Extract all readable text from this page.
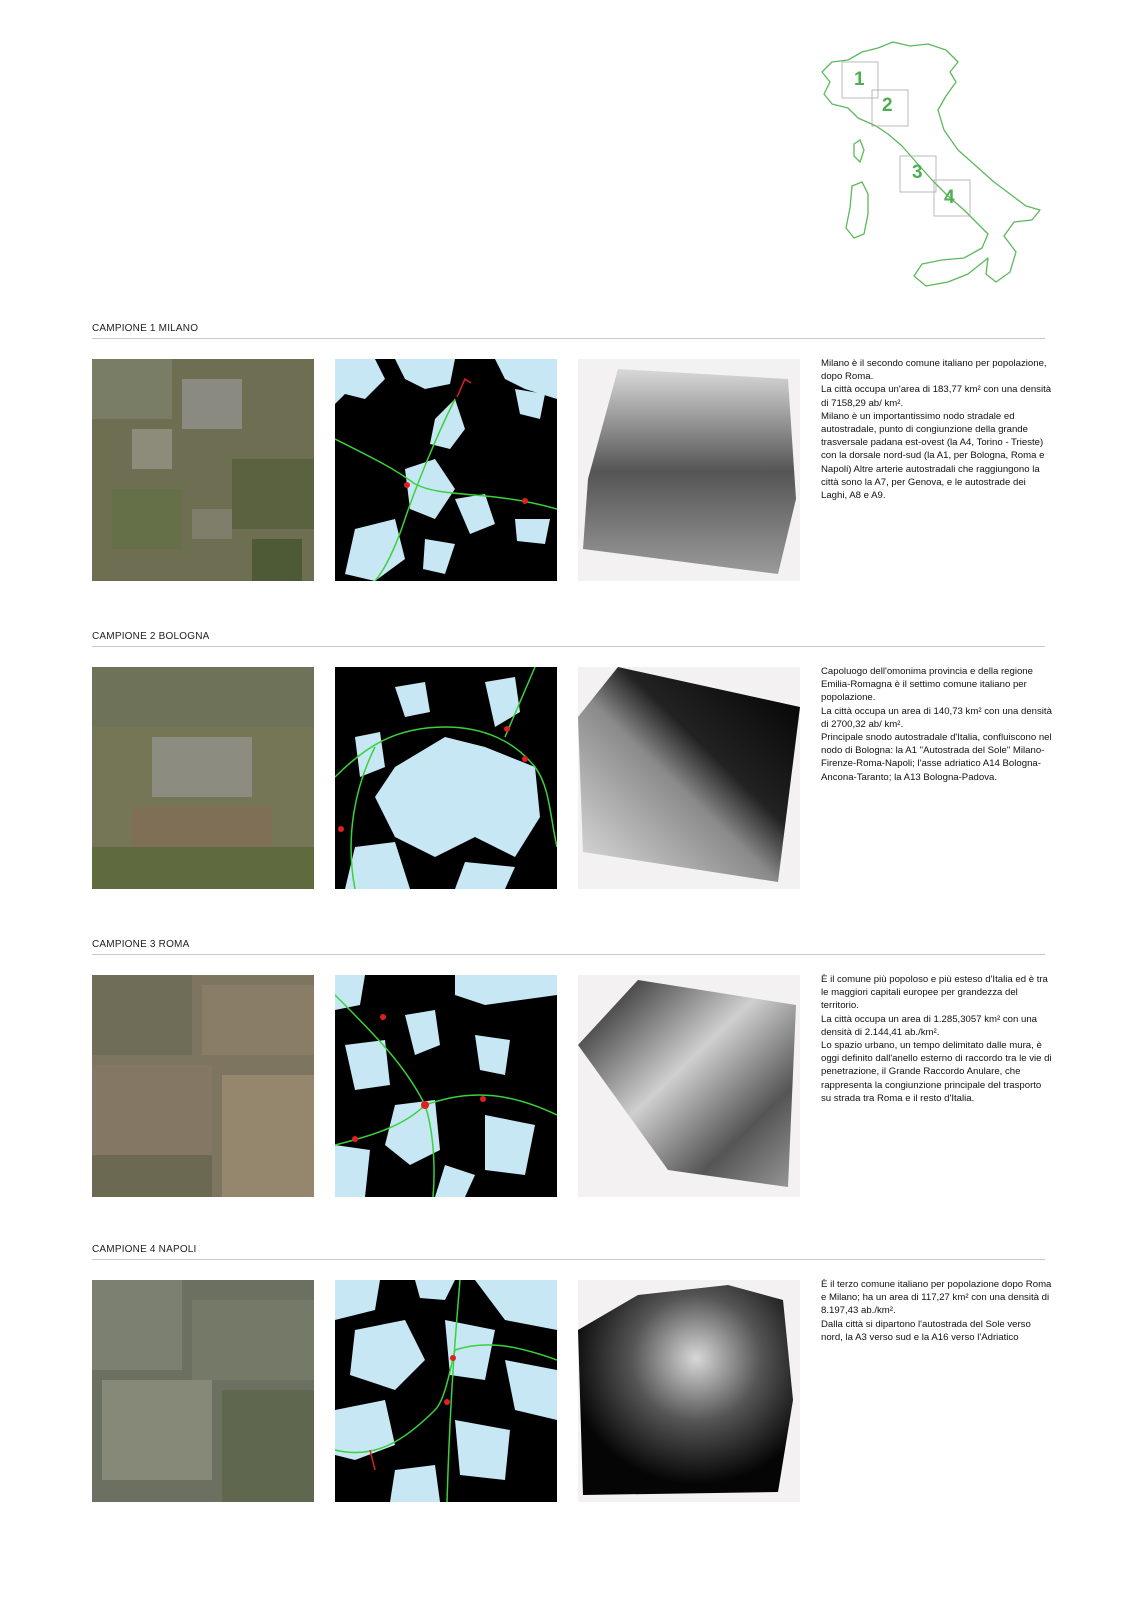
1
2
3
4
CAMPIONE 1 MILANO

Milano è il secondo comune italiano per popolazione, dopo Roma.

La città occupa un'area di 183,77 km² con una densità di 7158,29 ab/ km².

Milano è un importantissimo nodo stradale ed autostradale, punto di congiunzione della grande trasversale padana est-ovest (la A4, Torino - Trieste) con la dorsale nord-sud (la A1, per Bologna, Roma e Napoli) Altre arterie autostradali che raggiungono la città sono la A7, per Genova, e le autostrade dei Laghi, A8 e A9.

CAMPIONE 2 BOLOGNA

Capoluogo dell'omonima provincia e della regione Emilia-Romagna è il settimo comune italiano per popolazione.

La città occupa un area di 140,73 km² con una densità di 2700,32 ab/ km².

Principale snodo autostradale d'Italia, confluiscono nel nodo di Bologna: la A1 "Autostrada del Sole" Milano-Firenze-Roma-Napoli; l'asse adriatico A14 Bologna-Ancona-Taranto; la A13 Bologna-Padova.

CAMPIONE 3 ROMA

È il comune più popoloso e più esteso d'Italia ed è tra le maggiori capitali europee per grandezza del territorio.

La città occupa un area di 1.285,3057 km² con una densità di 2.144,41 ab./km².

Lo spazio urbano, un tempo delimitato dalle mura, è oggi definito dall'anello esterno di raccordo tra le vie di penetrazione, il Grande Raccordo Anulare, che rappresenta la congiunzione principale del trasporto su strada tra Roma e il resto d'Italia.

CAMPIONE 4 NAPOLI

È il terzo comune italiano per popolazione dopo Roma e Milano; ha un area di 117,27 km² con una densità di 8.197,43 ab./km².

Dalla città si dipartono l'autostrada del Sole verso nord, la A3 verso sud e la A16 verso l'Adriatico
